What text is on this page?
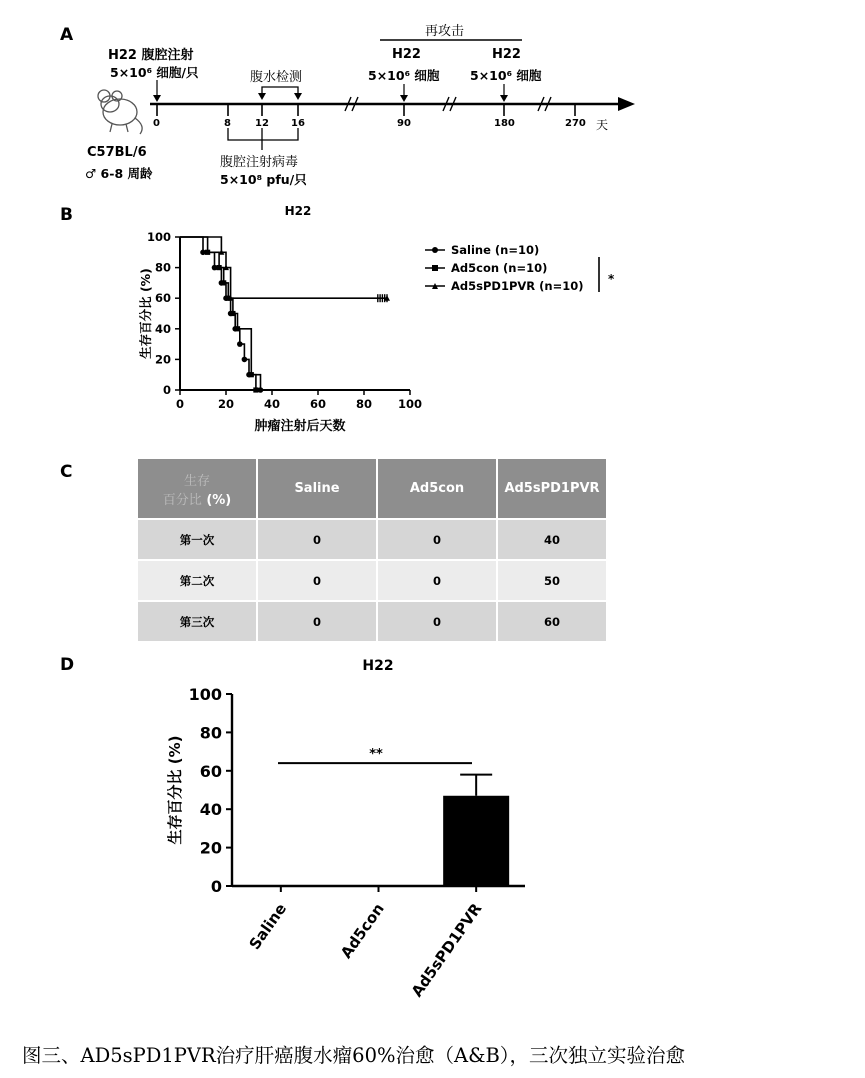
A	再攻击
H22 腹腔注射
5×10⁶ 细胞/只	腹水检测
H22
5×10⁶ 细胞
H22
5×10⁶ 细胞
0	8 12 16	90	180	270 天
腹腔注射病毒
5×10⁸ pfu/只
C57BL/6
♂ 6-8 周龄
B	H22
0
20
40
60
80
100
0	20	40	60	80 100
肿瘤注射后天数
生存百分比 (%)
Saline (n=10)
Ad5con (n=10)
Ad5sPD1PVR (n=10) *
C	生存
百分比 (%)	Saline	Ad5con	Ad5sPD1PVR
第一次	0	0	40
第二次	0	0	50
第三次	0	0	60
D	H22
0
20
40
60
80
100
生存百分比 (%)
Saline	Ad5con Ad5sPD1PVR
**
图三、AD5sPD1PVR治疗肝癌腹水瘤60%治愈（A&B），三次独立实验治愈
